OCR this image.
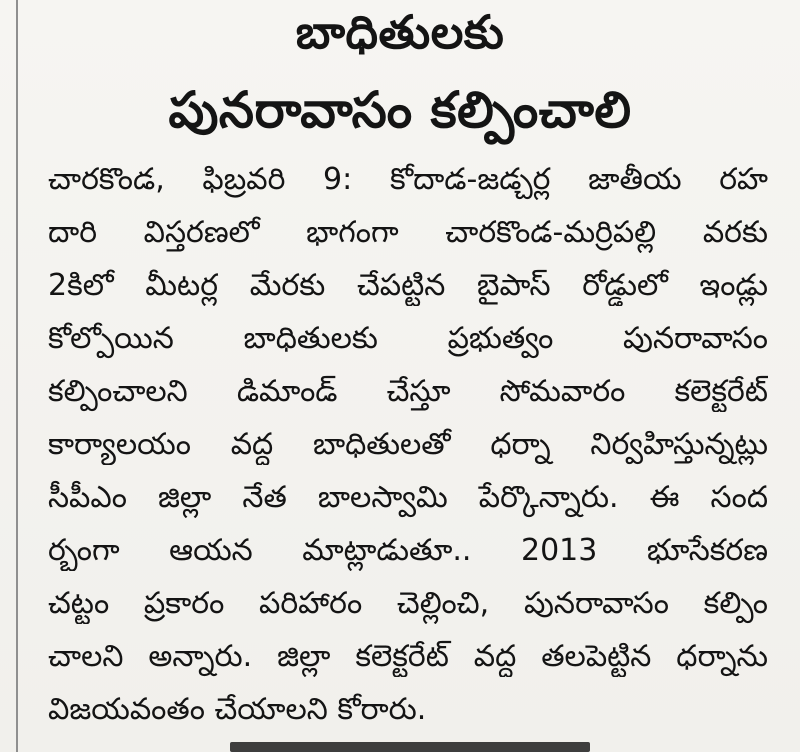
బాధితులకు
పునరావాసం కల్పించాలి
చారకొండ, ఫిబ్రవరి 9: కోదాడ-జడ్చర్ల జాతీయ రహ
దారి విస్తరణలో భాగంగా చారకొండ-మర్రిపల్లి వరకు
2కిలో మీటర్ల మేరకు చేపట్టిన బైపాస్ రోడ్డులో ఇండ్లు
కోల్పోయిన బాధితులకు ప్రభుత్వం పునరావాసం
కల్పించాలని డిమాండ్ చేస్తూ సోమవారం కలెక్టరేట్
కార్యాలయం వద్ద బాధితులతో ధర్నా నిర్వహిస్తున్నట్లు
సీపీఎం జిల్లా నేత బాలస్వామి పేర్కొన్నారు. ఈ సంద
ర్భంగా ఆయన మాట్లాడుతూ.. 2013 భూసేకరణ
చట్టం ప్రకారం పరిహారం చెల్లించి, పునరావాసం కల్పిం
చాలని అన్నారు. జిల్లా కలెక్టరేట్ వద్ద తలపెట్టిన ధర్నాను
విజయవంతం చేయాలని కోరారు.
